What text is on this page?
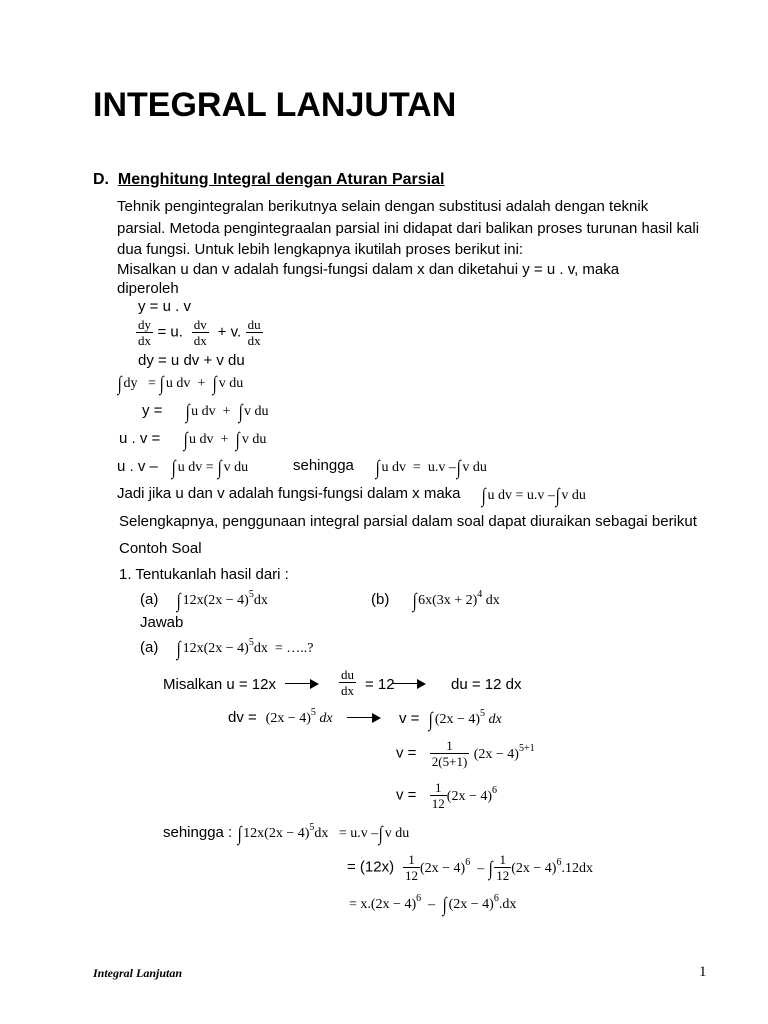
INTEGRAL LANJUTAN
D. Menghitung Integral dengan Aturan Parsial
Tehnik pengintegralan berikutnya selain dengan substitusi adalah dengan teknik
parsial. Metoda pengintegraalan parsial ini didapat dari balikan proses turunan hasil kali
dua fungsi. Untuk lebih lengkapnya ikutilah proses berikut ini:
Misalkan u dan v adalah fungsi-fungsi dalam x dan diketahui y = u . v, maka
diperoleh
y = u . v
$\frac{dy}{dx} = u$. $\frac{dv}{dx} + v$. $\frac{du}{dx}$
dy = u dv + v du
∫ dy = ∫ u dv + ∫ v du
y = ∫ u dv + ∫ v du
u . v = ∫ u dv + ∫ v du
u . v – ∫ u dv = ∫ v du	sehingga ∫ u dv = u.v –∫ v du
Jadi jika u dan v adalah fungsi-fungsi dalam x maka ∫ u dv = u.v –∫ v du
Selengkapnya, penggunaan integral parsial dalam soal dapat diuraikan sebagai berikut
Contoh Soal
1. Tentukanlah hasil dari :
(a) ∫ $12x(2x - 4)^5dx$	(b) ∫ $6x(3x + 2)^4$ dx
Jawab
(a) ∫ $12x(2x - 4)^5dx$ = …..?
Misalkan u = 12x	$\frac{du}{dx} = 12$	du = 12 dx
dv = $(2x - 4)^5$ dx	v = ∫ $(2x - 4)^5$ dx
$v = \frac{1}{2(5+1)} (2x - 4)^{5+1}$
$v = \frac{1}{12} (2x - 4)^6$
sehingga : ∫ $12x(2x - 4)^5dx = u.v$ –∫ v du
= $(12x) \frac{1}{12} (2x - 4)^6$ – ∫ $\frac{1}{12} (2x - 4)^6.12dx$
= $x.(2x - 4)^6$ – ∫ $(2x - 4)^6.dx$
Integral Lanjutan	1
